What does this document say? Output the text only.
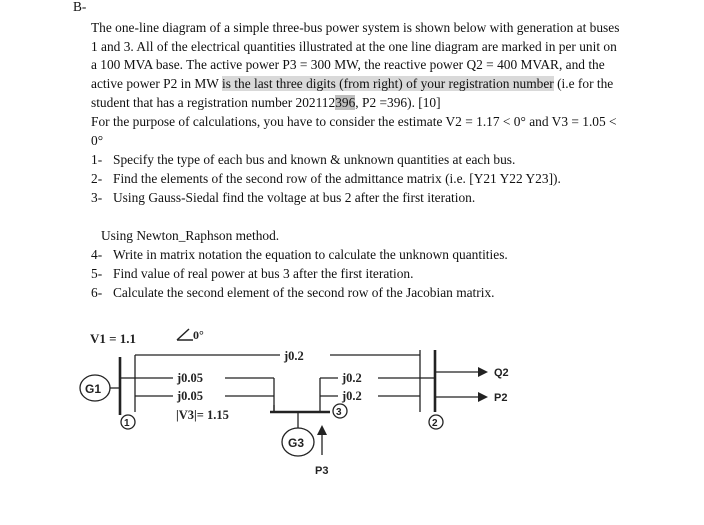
B-
The one-line diagram of a simple three-bus power system is shown below with generation at buses
1 and 3. All of the electrical quantities illustrated at the one line diagram are marked in per unit on
a 100 MVA base. The active power P3 = 300 MW, the reactive power Q2 = 400 MVAR, and the
active power P2 in MW is the last three digits (from right) of your registration number (i.e for the
student that has a registration number 202112396, P2 =396). [10]
For the purpose of calculations, you have to consider the estimate V2 = 1.17 < 0° and V3 = 1.05 <
0°
1- Specify the type of each bus and known & unknown quantities at each bus.
2- Find the elements of the second row of the admittance matrix (i.e. [Y21 Y22 Y23]).
3- Using Gauss-Siedal find the voltage at bus 2 after the first iteration.
Using Newton_Raphson method.
4- Write in matrix notation the equation to calculate the unknown quantities.
5- Find value of real power at bus 3 after the first iteration.
6- Calculate the second element of the second row of the Jacobian matrix.
V1 = 1.1	0°
G1
G3
1
3
2
j0.2
j0.05
j0.05
|V3|= 1.15
j0.2
j0.2
Q2
P2
P3
